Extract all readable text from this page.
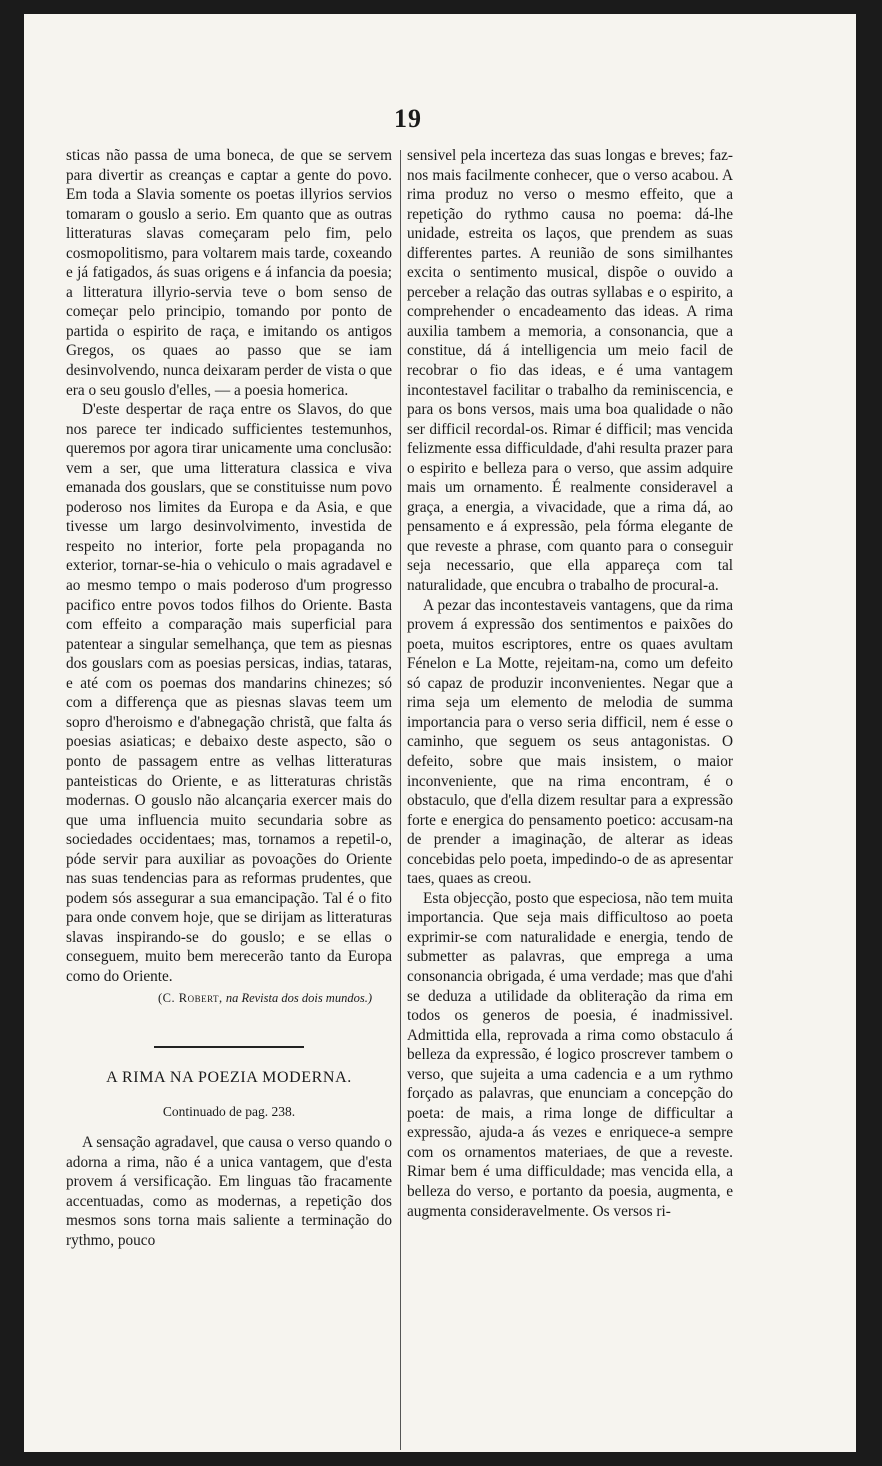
19

sticas não passa de uma boneca, de que se servem para divertir as creanças e captar a gente do povo. Em toda a Slavia somente os poetas illyrios servios tomaram o gouslo a serio. Em quanto que as outras litteraturas slavas começaram pelo fim, pelo cosmopolitismo, para voltarem mais tarde, coxeando e já fatigados, ás suas origens e á infancia da poesia; a litteratura illyrio-servia teve o bom senso de começar pelo principio, tomando por ponto de partida o espirito de raça, e imitando os antigos Gregos, os quaes ao passo que se iam desinvolvendo, nunca deixaram perder de vista o que era o seu gouslo d'elles, — a poesia homerica.

D'este despertar de raça entre os Slavos, do que nos parece ter indicado sufficientes testemunhos, queremos por agora tirar unicamente uma conclusão: vem a ser, que uma litteratura classica e viva emanada dos gouslars, que se constituisse num povo poderoso nos limites da Europa e da Asia, e que tivesse um largo desinvolvimento, investida de respeito no interior, forte pela propaganda no exterior, tornar-se-hia o vehiculo o mais agradavel e ao mesmo tempo o mais poderoso d'um progresso pacifico entre povos todos filhos do Oriente. Basta com effeito a comparação mais superficial para patentear a singular semelhança, que tem as piesnas dos gouslars com as poesias persicas, indias, tataras, e até com os poemas dos mandarins chinezes; só com a differença que as piesnas slavas teem um sopro d'heroismo e d'abnegação christã, que falta ás poesias asiaticas; e debaixo deste aspecto, são o ponto de passagem entre as velhas litteraturas panteisticas do Oriente, e as litteraturas christãs modernas. O gouslo não alcançaria exercer mais do que uma influencia muito secundaria sobre as sociedades occidentaes; mas, tornamos a repetil-o, póde servir para auxiliar as povoações do Oriente nas suas tendencias para as reformas prudentes, que podem sós assegurar a sua emancipação. Tal é o fito para onde convem hoje, que se dirijam as litteraturas slavas inspirando-se do gouslo; e se ellas o conseguem, muito bem merecerão tanto da Europa como do Oriente.

(C. Robert, na Revista dos dois mundos.)
A RIMA NA POEZIA MODERNA.
Continuado de pag. 238.

A sensação agradavel, que causa o verso quando o adorna a rima, não é a unica vantagem, que d'esta provem á versificação. Em linguas tão fracamente accentuadas, como as modernas, a repetição dos mesmos sons torna mais saliente a terminação do rythmo, pouco

sensivel pela incerteza das suas longas e breves; faz-nos mais facilmente conhecer, que o verso acabou. A rima produz no verso o mesmo effeito, que a repetição do rythmo causa no poema: dá-lhe unidade, estreita os laços, que prendem as suas differentes partes. A reunião de sons similhantes excita o sentimento musical, dispõe o ouvido a perceber a relação das outras syllabas e o espirito, a comprehender o encadeamento das ideas. A rima auxilia tambem a memoria, a consonancia, que a constitue, dá á intelligencia um meio facil de recobrar o fio das ideas, e é uma vantagem incontestavel facilitar o trabalho da reminiscencia, e para os bons versos, mais uma boa qualidade o não ser difficil recordal-os. Rimar é difficil; mas vencida felizmente essa difficuldade, d'ahi resulta prazer para o espirito e belleza para o verso, que assim adquire mais um ornamento. É realmente consideravel a graça, a energia, a vivacidade, que a rima dá, ao pensamento e á expressão, pela fórma elegante de que reveste a phrase, com quanto para o conseguir seja necessario, que ella appareça com tal naturalidade, que encubra o trabalho de procural-a.

A pezar das incontestaveis vantagens, que da rima provem á expressão dos sentimentos e paixões do poeta, muitos escriptores, entre os quaes avultam Fénelon e La Motte, rejeitam-na, como um defeito só capaz de produzir inconvenientes. Negar que a rima seja um elemento de melodia de summa importancia para o verso seria difficil, nem é esse o caminho, que seguem os seus antagonistas. O defeito, sobre que mais insistem, o maior inconveniente, que na rima encontram, é o obstaculo, que d'ella dizem resultar para a expressão forte e energica do pensamento poetico: accusam-na de prender a imaginação, de alterar as ideas concebidas pelo poeta, impedindo-o de as apresentar taes, quaes as creou.

Esta objecção, posto que especiosa, não tem muita importancia. Que seja mais difficultoso ao poeta exprimir-se com naturalidade e energia, tendo de submetter as palavras, que emprega a uma consonancia obrigada, é uma verdade; mas que d'ahi se deduza a utilidade da obliteração da rima em todos os generos de poesia, é inadmissivel. Admittida ella, reprovada a rima como obstaculo á belleza da expressão, é logico proscrever tambem o verso, que sujeita a uma cadencia e a um rythmo forçado as palavras, que enunciam a concepção do poeta: de mais, a rima longe de difficultar a expressão, ajuda-a ás vezes e enriquece-a sempre com os ornamentos materiaes, de que a reveste. Rimar bem é uma difficuldade; mas vencida ella, a belleza do verso, e portanto da poesia, augmenta, e augmenta consideravelmente. Os versos ri-
